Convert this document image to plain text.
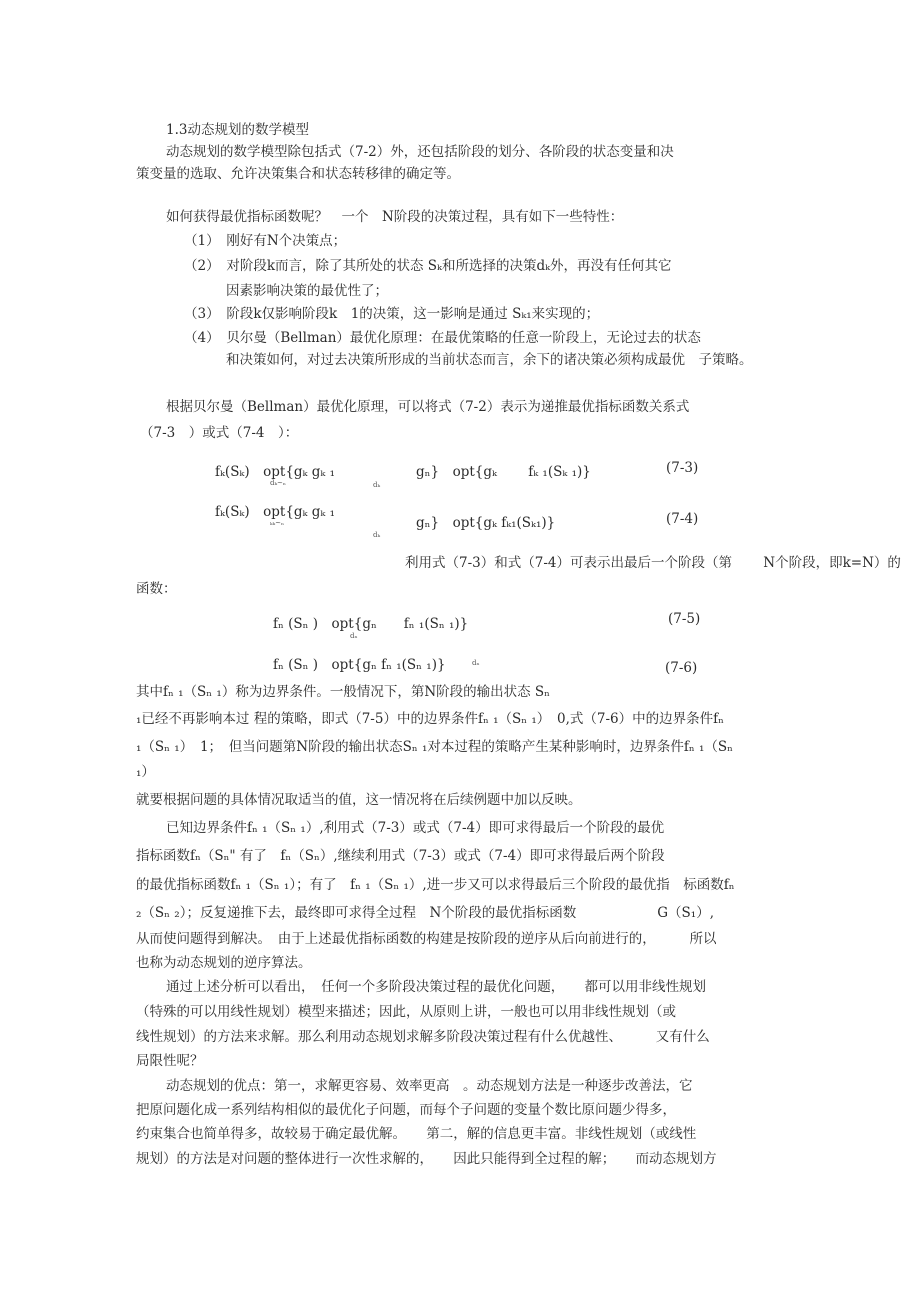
1.3动态规划的数学模型
动态规划的数学模型除包括式（7-2）外，还包括阶段的划分、各阶段的状态变量和决
策变量的选取、允许决策集合和状态转移律的确定等。
如何获得最优指标函数呢？　一个　N阶段的决策过程，具有如下一些特性：
（1）　刚好有N个决策点；
（2）　对阶段k而言，除了其所处的状态 Sₖ和所选择的决策dₖ外，再没有任何其它
因素影响决策的最优性了；
（3）　阶段k仅影响阶段k　1的决策，这一影响是通过 Sₖ₁来实现的；
（4）　贝尔曼（Bellman）最优化原理：在最优策略的任意一阶段上，无论过去的状态
和决策如何，对过去决策所形成的当前状态而言，余下的诸决策必须构成最优　子策略。
根据贝尔曼（Bellman）最优化原理，可以将式（7-2）表示为递推最优指标函数关系式
（7-3　）或式（7-4　）：
fₖ(Sₖ)　opt{gₖ gₖ ₁	gₙ}　opt{gₖ　　 fₖ ₁(Sₖ ₁)}
dₖ~ₙ	dₖ
(7-3)
fₖ(Sₖ)　opt{gₖ gₖ ₁
gₙ}　opt{gₖ fₖ₁(Sₖ₁)}
ₖₖ~ₙ
dₖ
(7-4)
利用式（7-3）和式（7-4）可表示出最后一个阶段（第　　 N个阶段，即k=N）的
函数：
fₙ (Sₙ )　opt{gₙ　　fₙ ₁(Sₙ ₁)}
dₙ
(7-5)
fₙ (Sₙ )　opt{gₙ fₙ ₁(Sₙ ₁)}	dₙ	(7-6)
其中fₙ ₁（Sₙ ₁）称为边界条件。一般情况下，第N阶段的输出状态 Sₙ
₁已经不再影响本过 程的策略，即式（7-5）中的边界条件fₙ ₁（Sₙ ₁）　0,式（7-6）中的边界条件fₙ
₁（Sₙ ₁）　1；　但当问题第N阶段的输出状态Sₙ ₁对本过程的策略产生某种影响时，边界条件fₙ ₁（Sₙ
₁）
就要根据问题的具体情况取适当的值，这一情况将在后续例题中加以反映。
已知边界条件fₙ ₁（Sₙ ₁）,利用式（7-3）或式（7-4）即可求得最后一个阶段的最优
指标函数fₙ（Sₙ" 有了　fₙ（Sₙ）,继续利用式（7-3）或式（7-4）即可求得最后两个阶段
的最优指标函数fₙ ₁（Sₙ ₁）；有了　fₙ ₁（Sₙ ₁）,进一步又可以求得最后三个阶段的最优指　标函数fₙ
₂（Sₙ ₂）；反复递推下去，最终即可求得全过程　N个阶段的最优指标函数　　　　　　G（S₁）,
从而使问题得到解决。　由于上述最优指标函数的构建是按阶段的逆序从后向前进行的，　　　所以
也称为动态规划的逆序算法。
通过上述分析可以看出，　任何一个多阶段决策过程的最优化问题，　　都可以用非线性规划
（特殊的可以用线性规划）模型来描述；因此，从原则上讲，一般也可以用非线性规划（或
线性规划）的方法来求解。那么利用动态规划求解多阶段决策过程有什么优越性、　　　又有什么
局限性呢？
动态规划的优点：第一，求解更容易、效率更高　。动态规划方法是一种逐步改善法，它
把原问题化成一系列结构相似的最优化子问题，而每个子问题的变量个数比原问题少得多，
约束集合也简单得多，故较易于确定最优解。　　第二，解的信息更丰富。非线性规划（或线性
规划）的方法是对问题的整体进行一次性求解的，　　因此只能得到全过程的解；　　而动态规划方
